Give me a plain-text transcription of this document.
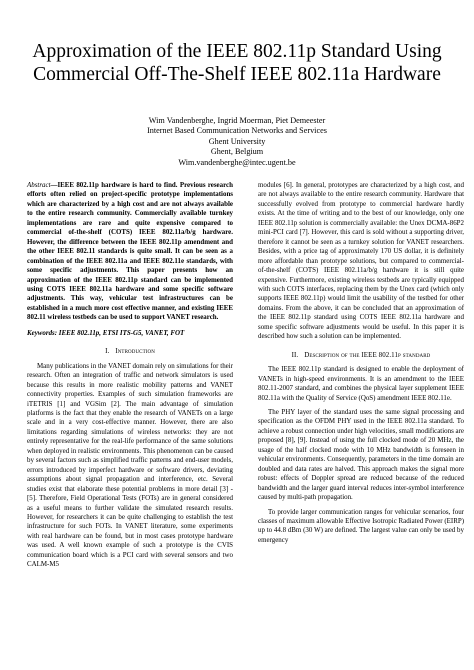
Approximation of the IEEE 802.11p Standard Using
Commercial Off-The-Shelf IEEE 802.11a Hardware
Wim Vandenberghe, Ingrid Moerman, Piet Demeester
Internet Based Communication Networks and Services
Ghent University
Ghent, Belgium
Wim.vandenberghe@intec.ugent.be

Abstract—IEEE 802.11p hardware is hard to find. Previous research efforts often relied on project-specific prototype implementations which are characterized by a high cost and are not always available to the entire research community. Commercially available turnkey implementations are rare and quite expensive compared to commercial of-the-shelf (COTS) IEEE 802.11a/b/g hardware. However, the difference between the IEEE 802.11p amendment and the other IEEE 802.11 standards is quite small. It can be seen as a combination of the IEEE 802.11a and IEEE 802.11e standards, with some specific adjustments. This paper presents how an approximation of the IEEE 802.11p standard can be implemented using COTS IEEE 802.11a hardware and some specific software adjustments. This way, vehicular test infrastructures can be established in a much more cost effective manner, and existing IEEE 802.11 wireless testbeds can be used to support VANET research.

Keywords: IEEE 802.11p, ETSI ITS-G5, VANET, FOT

I. Introduction

Many publications in the VANET domain rely on simulations for their research. Often an integration of traffic and network simulators is used because this results in more realistic mobility patterns and VANET connectivity properties. Examples of such simulation frameworks are iTETRIS [1] and VGSim [2]. The main advantage of simulation platforms is the fact that they enable the research of VANETs on a large scale and in a very cost-effective manner. However, there are also limitations regarding simulations of wireless networks: they are not entirely representative for the real-life performance of the same solutions when deployed in realistic environments. This phenomenon can be caused by several factors such as simplified traffic patterns and end-user models, errors introduced by imperfect hardware or software drivers, deviating assumptions about signal propagation and interference, etc. Several studies exist that elaborate these potential problems in more detail [3] - [5]. Therefore, Field Operational Tests (FOTs) are in general considered as a useful means to further validate the simulated research results. However, for researchers it can be quite challenging to establish the test infrastructure for such FOTs. In VANET literature, some experiments with real hardware can be found, but in most cases prototype hardware was used. A well known example of such a prototype is the CVIS communication board which is a PCI card with several sensors and two CALM-M5

modules [6]. In general, prototypes are characterized by a high cost, and are not always available to the entire research community. Hardware that successfully evolved from prototype to commercial hardware hardly exists. At the time of writing and to the best of our knowledge, only one IEEE 802.11p solution is commercially available: the Unex DCMA-86P2 mini-PCI card [7]. However, this card is sold without a supporting driver, therefore it cannot be seen as a turnkey solution for VANET researchers. Besides, with a price tag of approximately 170 US dollar, it is definitely more affordable than prototype solutions, but compared to commercial-of-the-shelf (COTS) IEEE 802.11a/b/g hardware it is still quite expensive. Furthermore, existing wireless testbeds are typically equipped with such COTS interfaces, replacing them by the Unex card (which only supports IEEE 802.11p) would limit the usability of the testbed for other domains. From the above, it can be concluded that an approximation of the IEEE 802.11p standard using COTS IEEE 802.11a hardware and some specific software adjustments would be useful. In this paper it is described how such a solution can be implemented.

II. Description of the IEEE 802.11p standard

The IEEE 802.11p standard is designed to enable the deployment of VANETs in high-speed environments. It is an amendment to the IEEE 802.11-2007 standard, and combines the physical layer supplement IEEE 802.11a with the Quality of Service (QoS) amendment IEEE 802.11e.

The PHY layer of the standard uses the same signal processing and specification as the OFDM PHY used in the IEEE 802.11a standard. To achieve a robust connection under high velocities, small modifications are proposed [8], [9]. Instead of using the full clocked mode of 20 MHz, the usage of the half clocked mode with 10 MHz bandwidth is foreseen in vehicular environments. Consequently, parameters in the time domain are doubled and data rates are halved. This approach makes the signal more robust: effects of Doppler spread are reduced because of the reduced bandwidth and the larger guard interval reduces inter-symbol interference caused by multi-path propagation.

To provide larger communication ranges for vehicular scenarios, four classes of maximum allowable Effective Isotropic Radiated Power (EIRP) up to 44.8 dBm (30 W) are defined. The largest value can only be used by emergency
